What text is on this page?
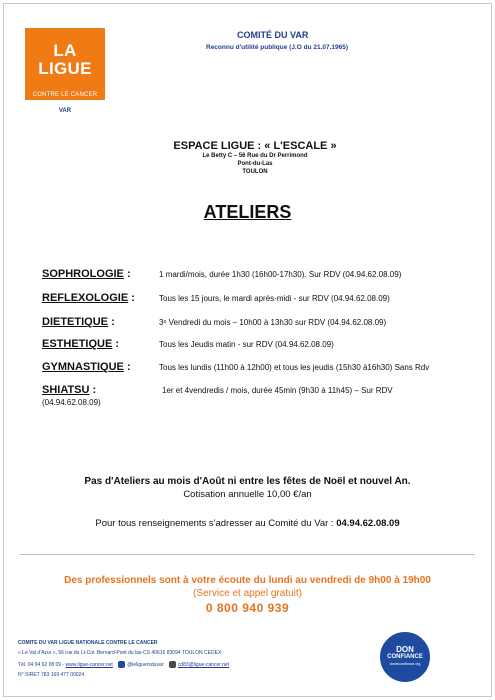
LA LIGUE
CONTRE LE CANCER
VAR
COMITÉ DU VAR
Reconnu d'utilité publique (J.O du 21.07.1965)
ESPACE LIGUE : « L'ESCALE »
Le Betty C – 56 Rue du Dr Perrimond
Pont-du-Las
TOULON
ATELIERS
SOPHROLOGIE :	1 mardi/mois, durée 1h30 (16h00-17h30). Sur RDV (04.94.62.08.09)
REFLEXOLOGIE :	Tous les 15 jours, le mardi après-midi - sur RDV (04.94.62.08.09)
DIETETIQUE :	3ᵉ Vendredi du mois – 10h00 à 13h30 sur RDV (04.94.62.08.09)
ESTHETIQUE :	Tous les Jeudis matin - sur RDV (04.94.62.08.09)
GYMNASTIQUE :	Tous les lundis (11h00 à 12h00) et tous les jeudis (15h30 à16h30) Sans Rdv
SHIATSU :	1er et 4vendredis / mois, durée 45min (9h30 à 11h45) – Sur RDV
(04.94.62.08.09)
Pas d'Ateliers au mois d'Août ni entre les fêtes de Noël et nouvel An.
Cotisation annuelle 10,00 €/an
Pour tous renseignements s'adresser au Comité du Var : 04.94.62.08.09
Des professionnels sont à votre écoute du lundi au vendredi de 9h00 à 19h00
(Service et appel gratuit)
0 800 940 939
COMITE DU VAR LIGUE NATIONALE CONTRE LE CANCER
« Le Val d'Azur », 56 rue du Lt-Col. Bernard-Pont du las-CS 40616 83094 TOULON CEDEX
Tél. 04 94 62 08 09 - www.ligue-cancer.net	@leliguersduvar	cd83@ligue-cancer.net
N° SIRET 783 169 477 00024
DON
CONFIANCE
donenconfiance.org
